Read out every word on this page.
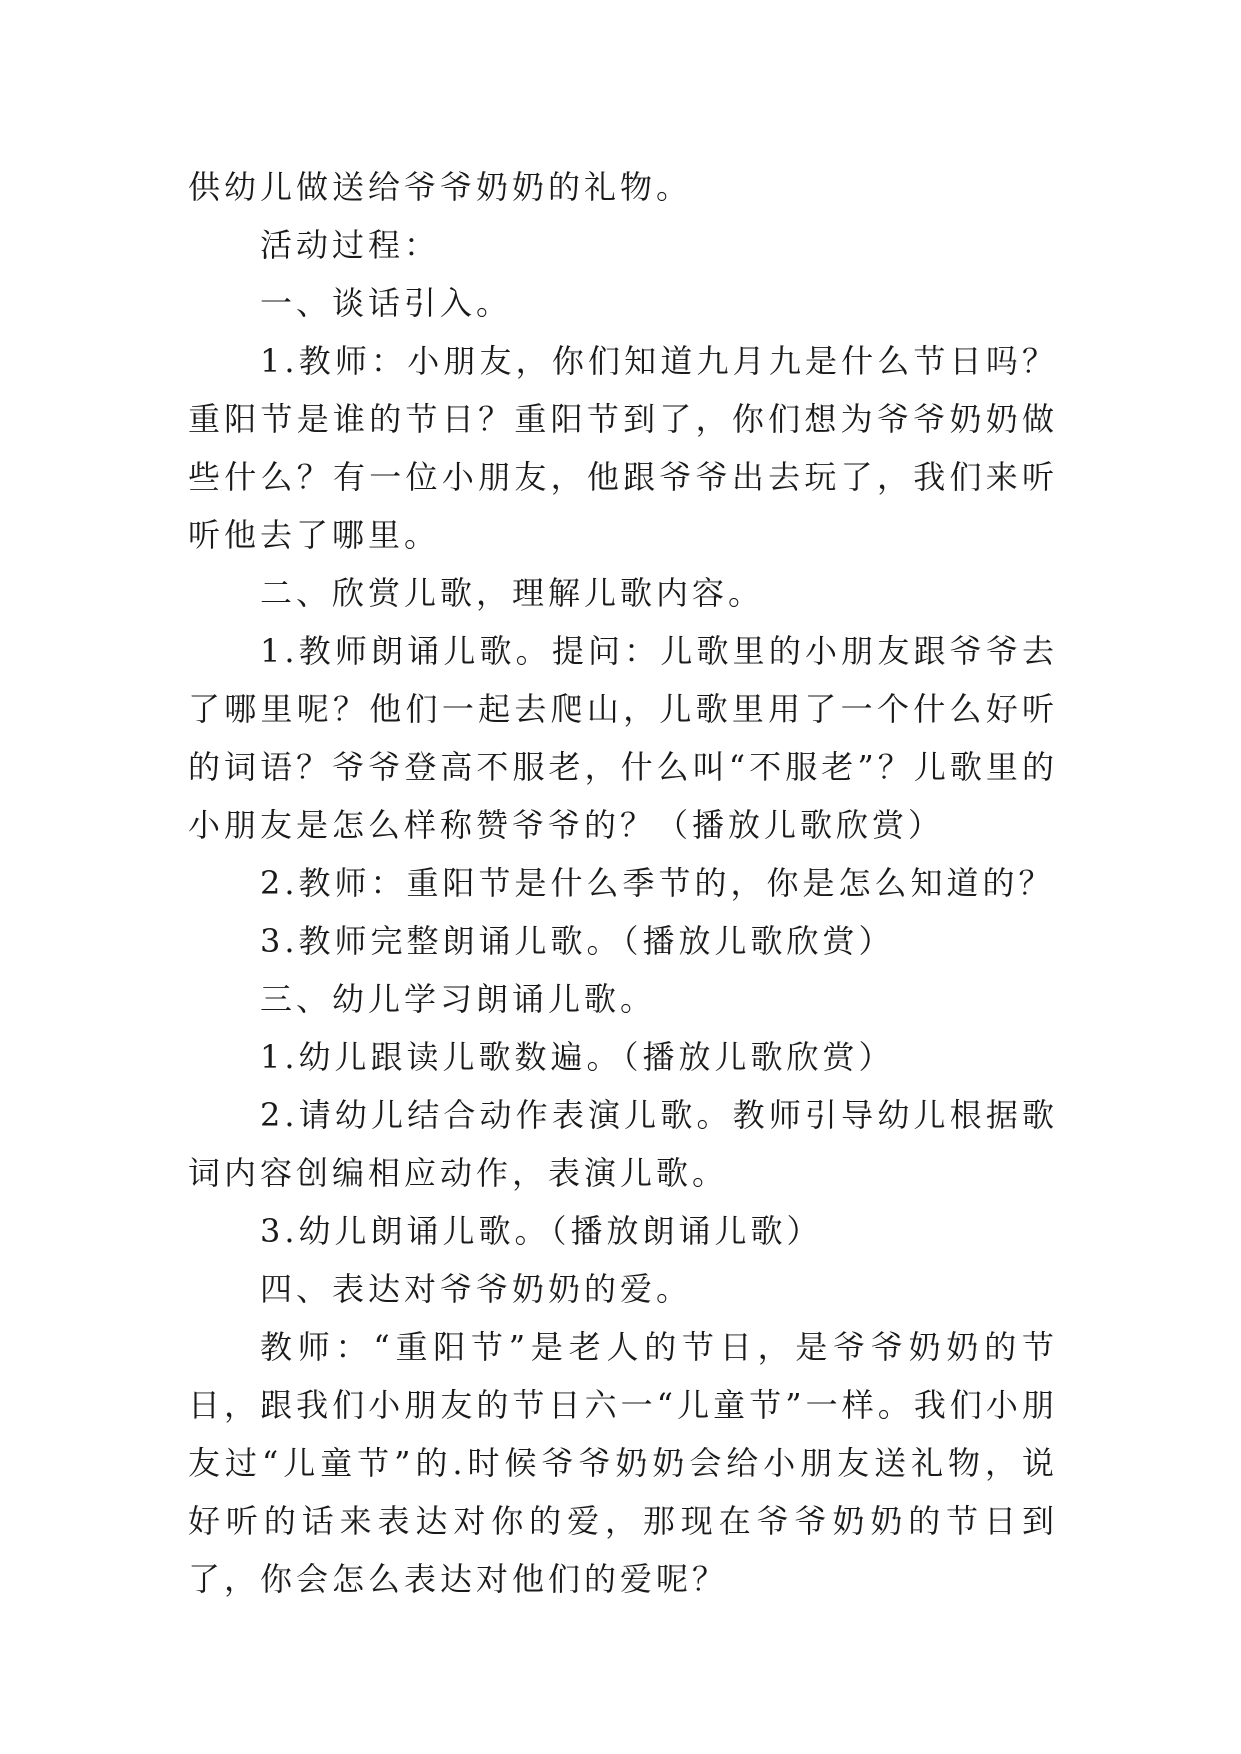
供幼儿做送给爷爷奶奶的礼物。

活动过程：

一、谈话引入。

1.教师：小朋友，你们知道九月九是什么节日吗？重阳节是谁的节日？重阳节到了，你们想为爷爷奶奶做些什么？有一位小朋友，他跟爷爷出去玩了，我们来听听他去了哪里。

二、欣赏儿歌，理解儿歌内容。

1.教师朗诵儿歌。提问：儿歌里的小朋友跟爷爷去了哪里呢？他们一起去爬山，儿歌里用了一个什么好听的词语？爷爷登高不服老，什么叫“不服老”？儿歌里的小朋友是怎么样称赞爷爷的？（播放儿歌欣赏）

2.教师：重阳节是什么季节的，你是怎么知道的？

3.教师完整朗诵儿歌。（播放儿歌欣赏）

三、幼儿学习朗诵儿歌。

1.幼儿跟读儿歌数遍。（播放儿歌欣赏）

2.请幼儿结合动作表演儿歌。教师引导幼儿根据歌词内容创编相应动作，表演儿歌。

3.幼儿朗诵儿歌。（播放朗诵儿歌）

四、表达对爷爷奶奶的爱。

教师：“重阳节”是老人的节日，是爷爷奶奶的节日，跟我们小朋友的节日六一“儿童节”一样。我们小朋友过“儿童节”的.时候爷爷奶奶会给小朋友送礼物，说好听的话来表达对你的爱，那现在爷爷奶奶的节日到了，你会怎么表达对他们的爱呢？
